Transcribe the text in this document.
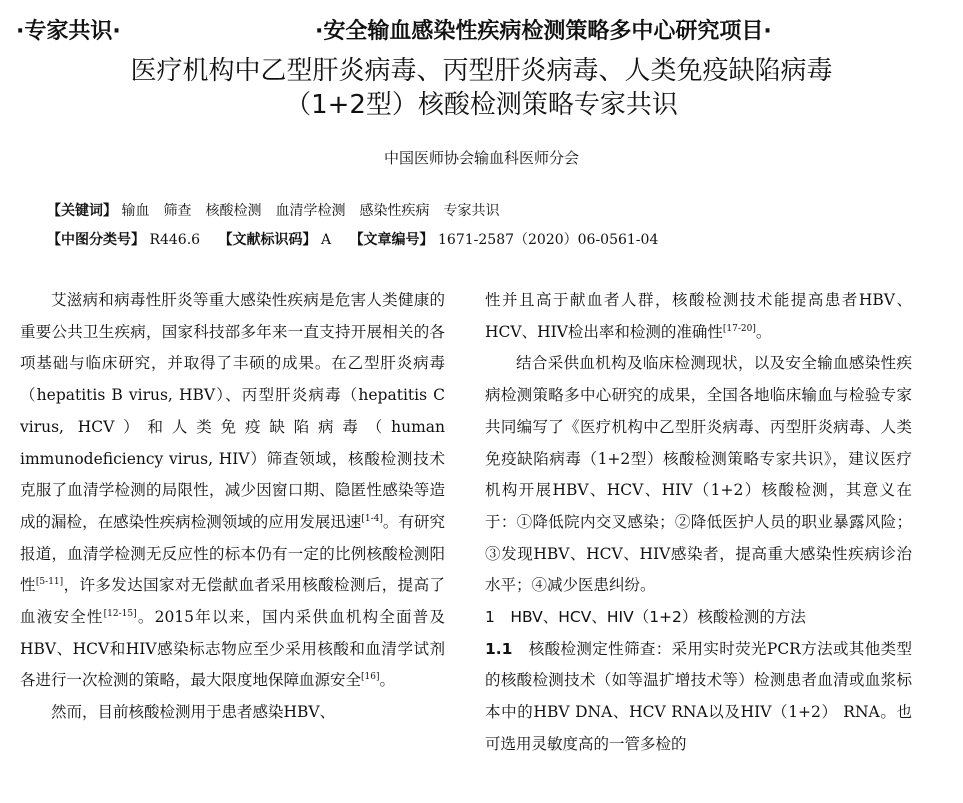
·专家共识·	·安全输血感染性疾病检测策略多中心研究项目·
医疗机构中乙型肝炎病毒、丙型肝炎病毒、人类免疫缺陷病毒
（1+2型）核酸检测策略专家共识
中国医师协会输血科医师分会
【关键词】 输血　筛查　核酸检测　血清学检测　感染性疾病　专家共识
【中图分类号】 R446.6 【文献标识码】 A 【文章编号】 1671-2587（2020）06-0561-04

艾滋病和病毒性肝炎等重大感染性疾病是危害人类健康的重要公共卫生疾病，国家科技部多年来一直支持开展相关的各项基础与临床研究，并取得了丰硕的成果。在乙型肝炎病毒（hepatitis B virus, HBV）、丙型肝炎病毒（hepatitis C virus, HCV）和人类免疫缺陷病毒（human immunodeficiency virus, HIV）筛查领域，核酸检测技术克服了血清学检测的局限性，减少因窗口期、隐匿性感染等造成的漏检，在感染性疾病检测领域的应用发展迅速[1-4]。有研究报道，血清学检测无反应性的标本仍有一定的比例核酸检测阳性[5-11]，许多发达国家对无偿献血者采用核酸检测后，提高了血液安全性[12-15]。2015年以来，国内采供血机构全面普及HBV、HCV和HIV感染标志物应至少采用核酸和血清学试剂各进行一次检测的策略，最大限度地保障血源安全[16]。

然而，目前核酸检测用于患者感染HBV、

性并且高于献血者人群，核酸检测技术能提高患者HBV、HCV、HIV检出率和检测的准确性[17-20]。

结合采供血机构及临床检测现状，以及安全输血感染性疾病检测策略多中心研究的成果，全国各地临床输血与检验专家共同编写了《医疗机构中乙型肝炎病毒、丙型肝炎病毒、人类免疫缺陷病毒（1+2型）核酸检测策略专家共识》，建议医疗机构开展HBV、HCV、HIV（1+2）核酸检测，其意义在于：①降低院内交叉感染；②降低医护人员的职业暴露风险；③发现HBV、HCV、HIV感染者，提高重大感染性疾病诊治水平；④减少医患纠纷。

1　HBV、HCV、HIV（1+2）核酸检测的方法

1.1　 核酸检测定性筛查：采用实时荧光PCR方法或其他类型的核酸检测技术（如等温扩增技术等）检测患者血清或血浆标本中的HBV DNA、HCV RNA以及HIV（1+2） RNA。也可选用灵敏度高的一管多检的
